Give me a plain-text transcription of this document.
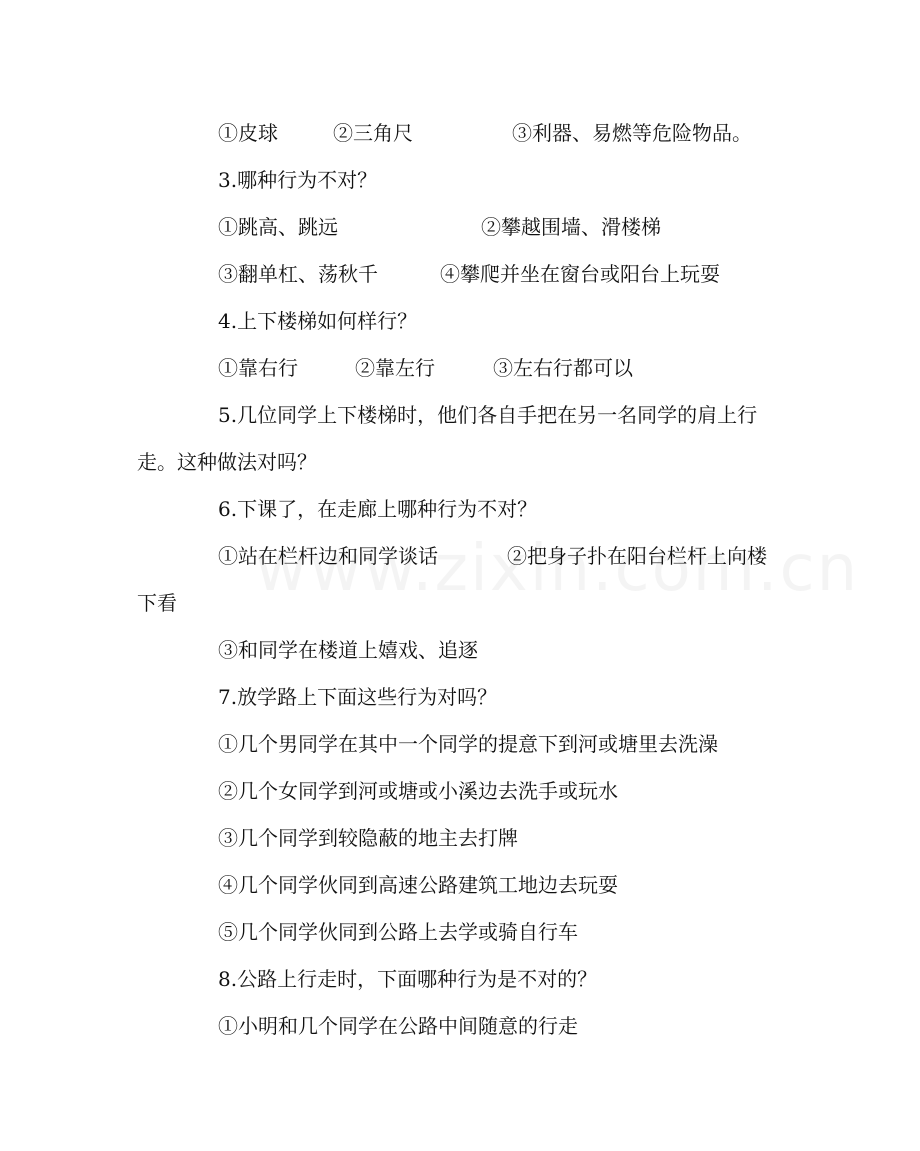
①皮球	②三角尺	③利器、易燃等危险物品。
3.哪种行为不对？
①跳高、跳远	②攀越围墙、滑楼梯
③翻单杠、荡秋千	④攀爬并坐在窗台或阳台上玩耍
4.上下楼梯如何样行？
①靠右行	②靠左行	③左右行都可以
5.几位同学上下楼梯时，他们各自手把在另一名同学的肩上行
走。这种做法对吗？
6.下课了，在走廊上哪种行为不对？
①站在栏杆边和同学谈话	②把身子扑在阳台栏杆上向楼
下看
③和同学在楼道上嬉戏、追逐
7.放学路上下面这些行为对吗？
①几个男同学在其中一个同学的提意下到河或塘里去洗澡
②几个女同学到河或塘或小溪边去洗手或玩水
③几个同学到较隐蔽的地主去打牌
④几个同学伙同到高速公路建筑工地边去玩耍
⑤几个同学伙同到公路上去学或骑自行车
8.公路上行走时，下面哪种行为是不对的？
①小明和几个同学在公路中间随意的行走
